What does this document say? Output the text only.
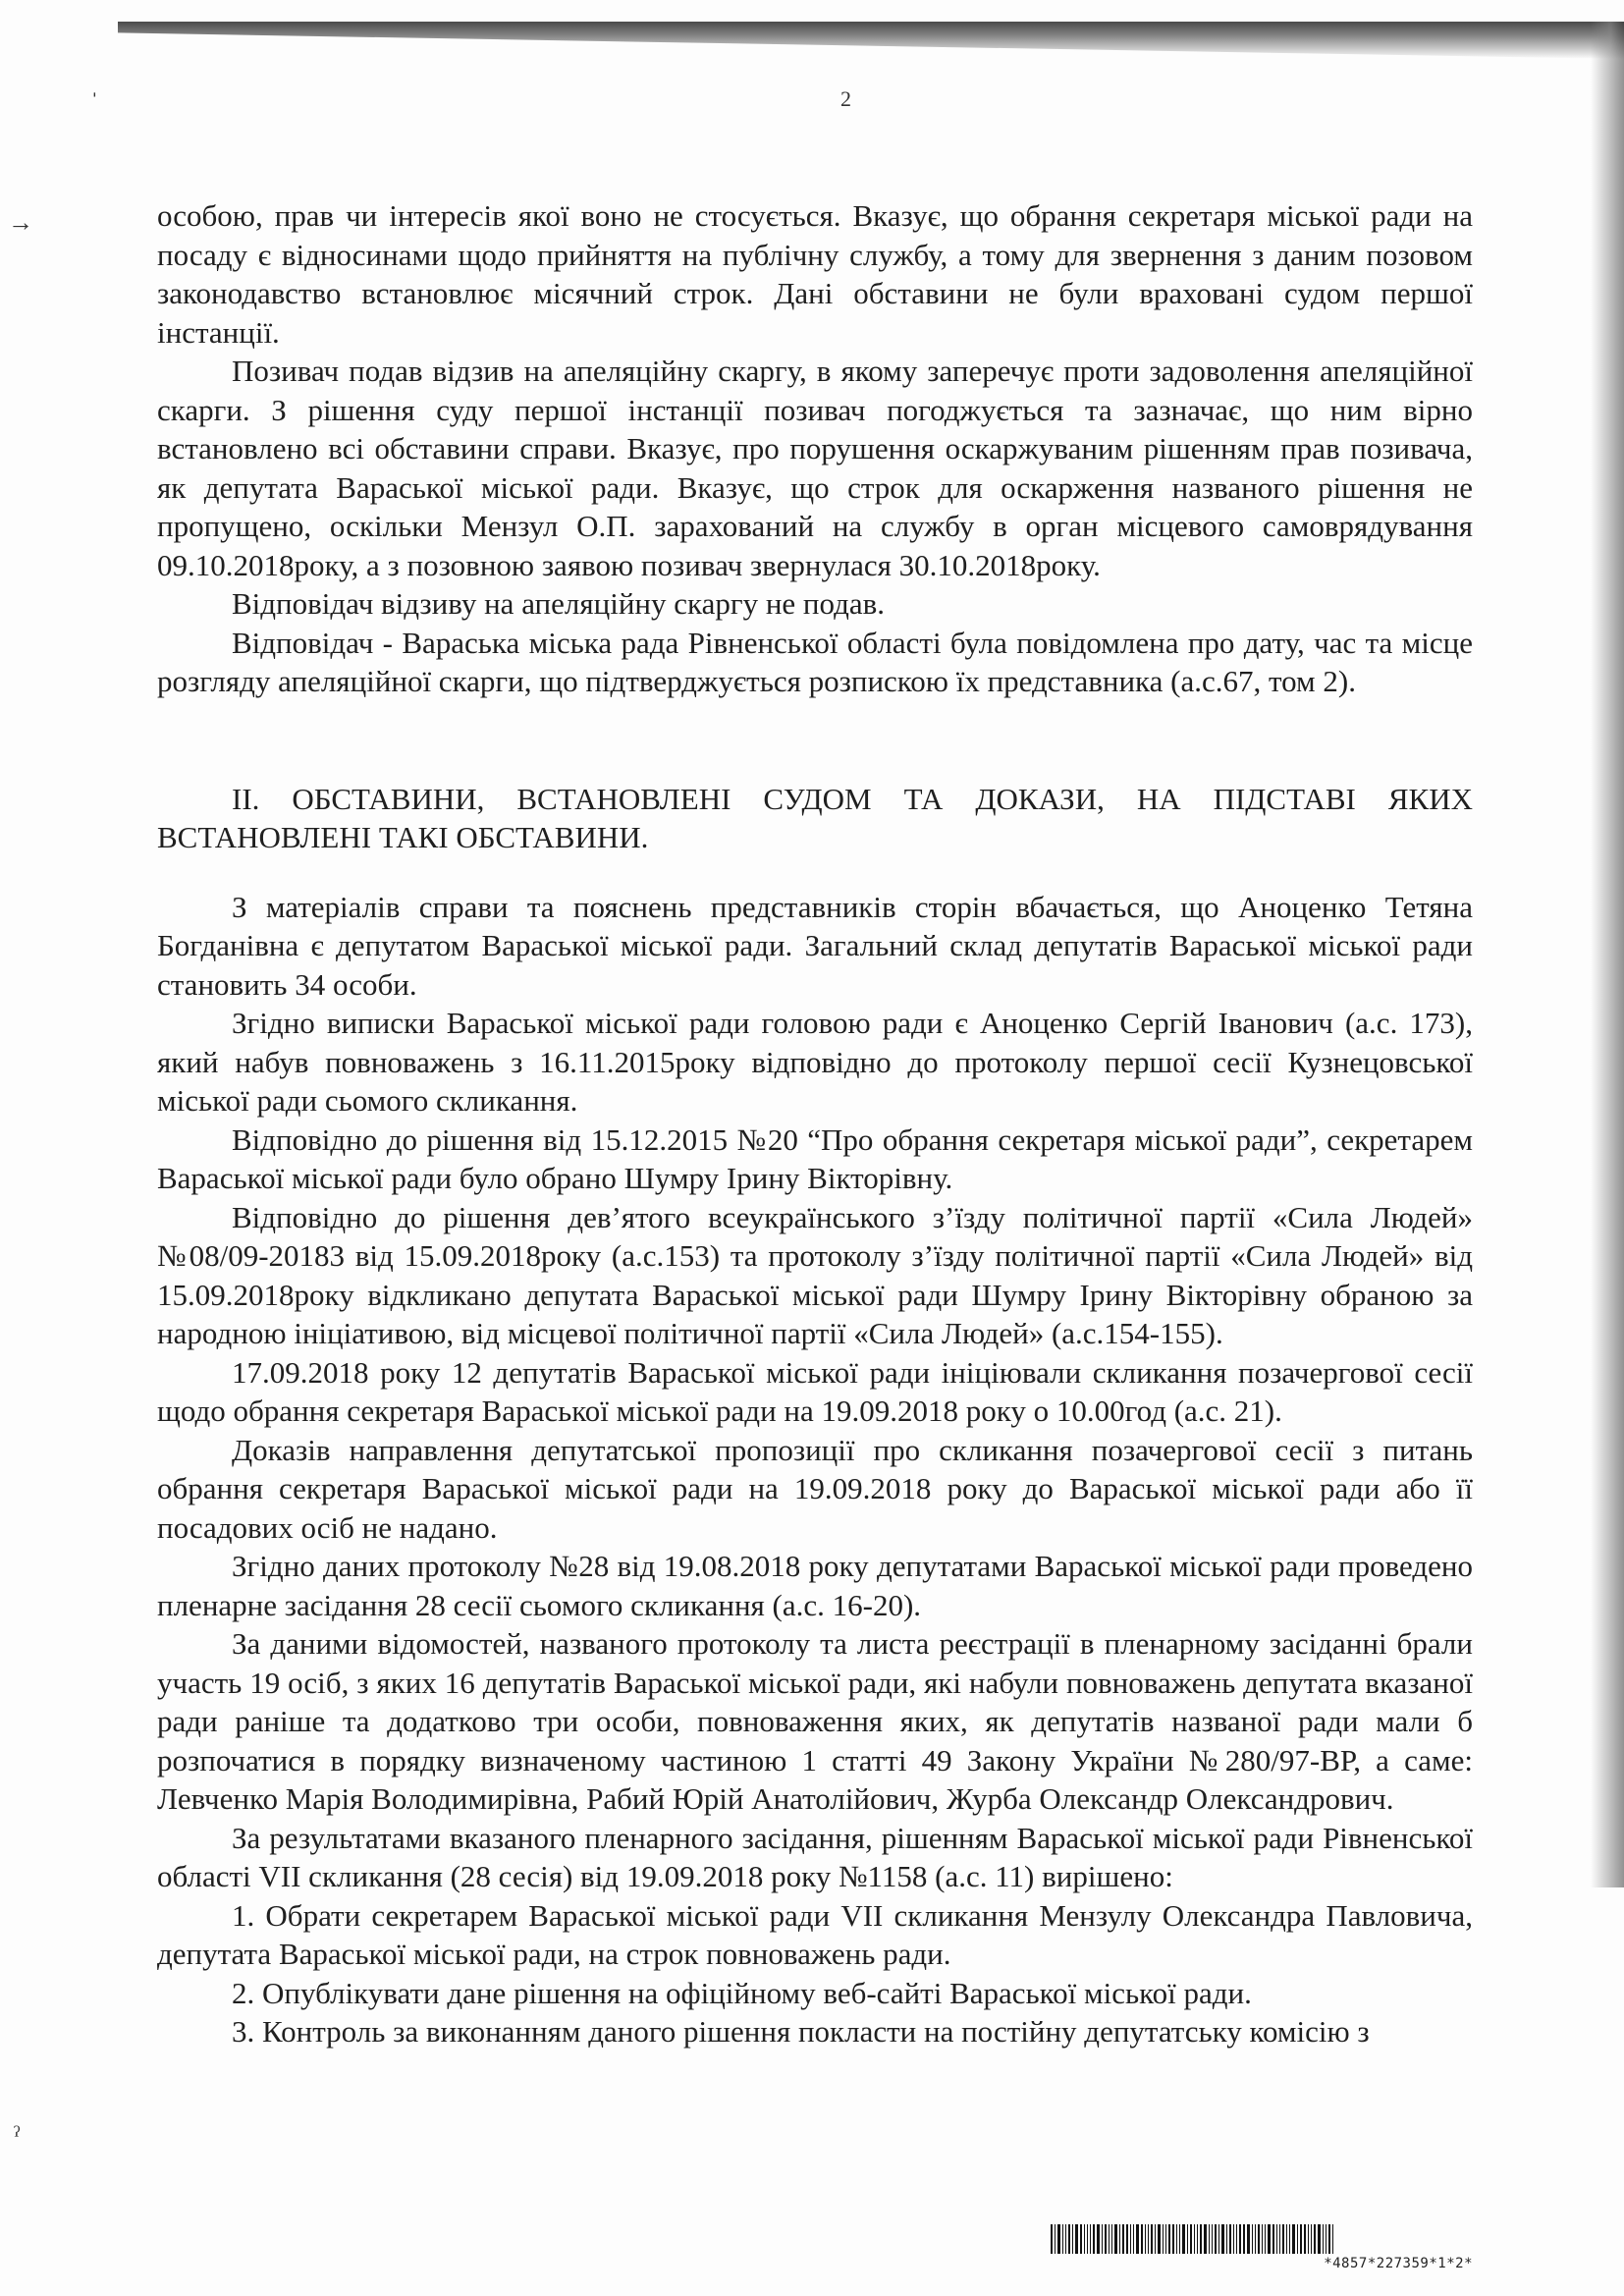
ˌ
→
ˀ
2

особою, прав чи інтересів якої воно не стосується. Вказує, що обрання секретаря міської ради на посаду є відносинами щодо прийняття на публічну службу, а тому для звернення з даним позовом законодавство встановлює місячний строк. Дані обставини не були враховані судом першої інстанції.

Позивач подав відзив на апеляційну скаргу, в якому заперечує проти задоволення апеляційної скарги. З рішення суду першої інстанції позивач погоджується та зазначає, що ним вірно встановлено всі обставини справи. Вказує, про порушення оскаржуваним рішенням прав позивача, як депутата Вараської міської ради. Вказує, що строк для оскарження названого рішення не пропущено, оскільки Мензул О.П. зарахований на службу в орган місцевого самоврядування 09.10.2018року, а з позовною заявою позивач звернулася 30.10.2018року.

Відповідач відзиву на апеляційну скаргу не подав.

Відповідач - Вараська міська рада Рівненської області була повідомлена про дату, час та місце розгляду апеляційної скарги, що підтверджується розпискою їх представника (а.с.67, том 2).

II. ОБСТАВИНИ, ВСТАНОВЛЕНІ СУДОМ ТА ДОКАЗИ, НА ПІДСТАВІ ЯКИХ ВСТАНОВЛЕНІ ТАКІ ОБСТАВИНИ.

З матеріалів справи та пояснень представників сторін вбачається, що Аноценко Тетяна Богданівна є депутатом Вараської міської ради. Загальний склад депутатів Вараської міської ради становить 34 особи.

Згідно виписки Вараської міської ради головою ради є Аноценко Сергій Іванович (а.с. 173), який набув повноважень з 16.11.2015року відповідно до протоколу першої сесії Кузнецовської міської ради сьомого скликання.

Відповідно до рішення від 15.12.2015 №20 “Про обрання секретаря міської ради”, секретарем Вараської міської ради було обрано Шумру Ірину Вікторівну.

Відповідно до рішення дев’ятого всеукраїнського з’їзду політичної партії «Сила Людей» №08/09-20183 від 15.09.2018року (а.с.153) та протоколу з’їзду політичної партії «Сила Людей» від 15.09.2018року відкликано депутата Вараської міської ради Шумру Ірину Вікторівну обраною за народною ініціативою, від місцевої політичної партії «Сила Людей» (а.с.154-155).

17.09.2018 року 12 депутатів Вараської міської ради ініціювали скликання позачергової сесії щодо обрання секретаря Вараської міської ради на 19.09.2018 року о 10.00год (а.с. 21).

Доказів направлення депутатської пропозиції про скликання позачергової сесії з питань обрання секретаря Вараської міської ради на 19.09.2018 року до Вараської міської ради або її посадових осіб не надано.

Згідно даних протоколу №28 від 19.08.2018 року депутатами Вараської міської ради проведено пленарне засідання 28 сесії сьомого скликання (а.с. 16-20).

За даними відомостей, названого протоколу та листа реєстрації в пленарному засіданні брали участь 19 осіб, з яких 16 депутатів Вараської міської ради, які набули повноважень депутата вказаної ради раніше та додатково три особи, повноваження яких, як депутатів названої ради мали б розпочатися в порядку визначеному частиною 1 статті 49 Закону України №280/97-ВР, а саме: Левченко Марія Володимирівна, Рабий Юрій Анатолійович, Журба Олександр Олександрович.

За результатами вказаного пленарного засідання, рішенням Вараської міської ради Рівненської області VII скликання (28 сесія) від 19.09.2018 року №1158 (а.с. 11) вирішено:

1. Обрати секретарем Вараської міської ради VII скликання Мензулу Олександра Павловича, депутата Вараської міської ради, на строк повноважень ради.

2. Опублікувати дане рішення на офіційному веб-сайті Вараської міської ради.

3. Контроль за виконанням даного рішення покласти на постійну депутатську комісію з

*4857*227359*1*2*
